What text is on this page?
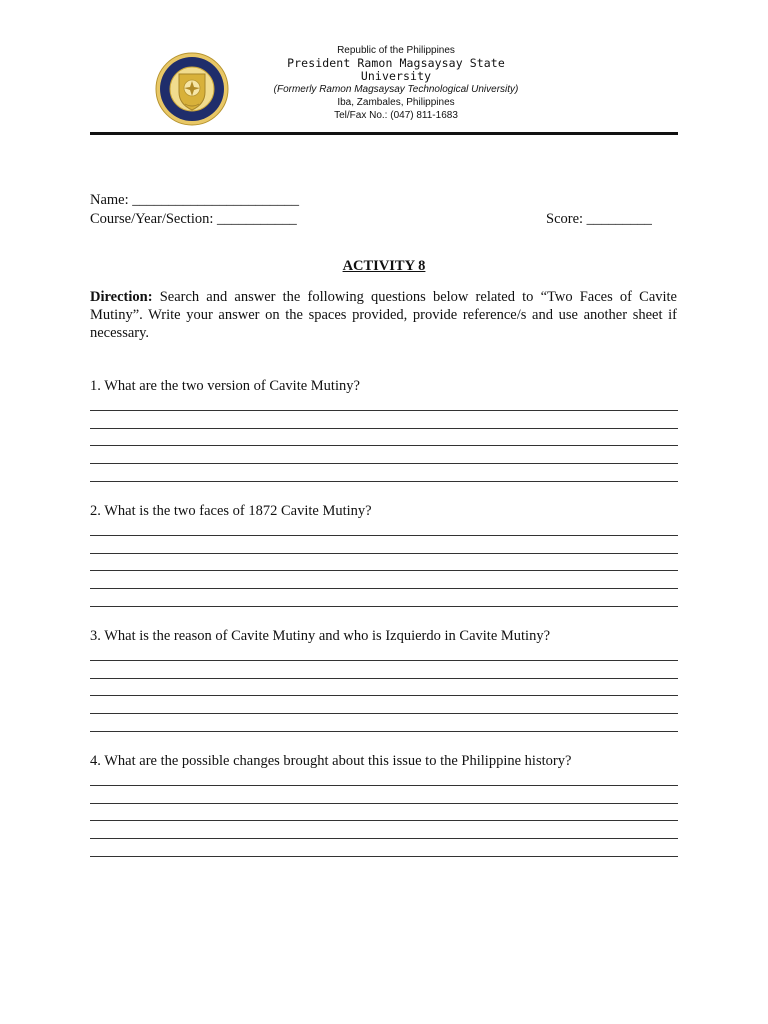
Republic of the Philippines
President Ramon Magsaysay State University
(Formerly Ramon Magsaysay Technological University)
Iba, Zambales, Philippines
Tel/Fax No.: (047) 811-1683
Name: _______________________
Course/Year/Section: ___________	Score: _________
ACTIVITY 8
Direction: Search and answer the following questions below related to “Two Faces of Cavite Mutiny”. Write your answer on the spaces provided, provide reference/s and use another sheet if necessary.
1. What are the two version of Cavite Mutiny?
2. What is the two faces of 1872 Cavite Mutiny?
3. What is the reason of Cavite Mutiny and who is Izquierdo in Cavite Mutiny?
4. What are the possible changes brought about this issue to the Philippine history?
